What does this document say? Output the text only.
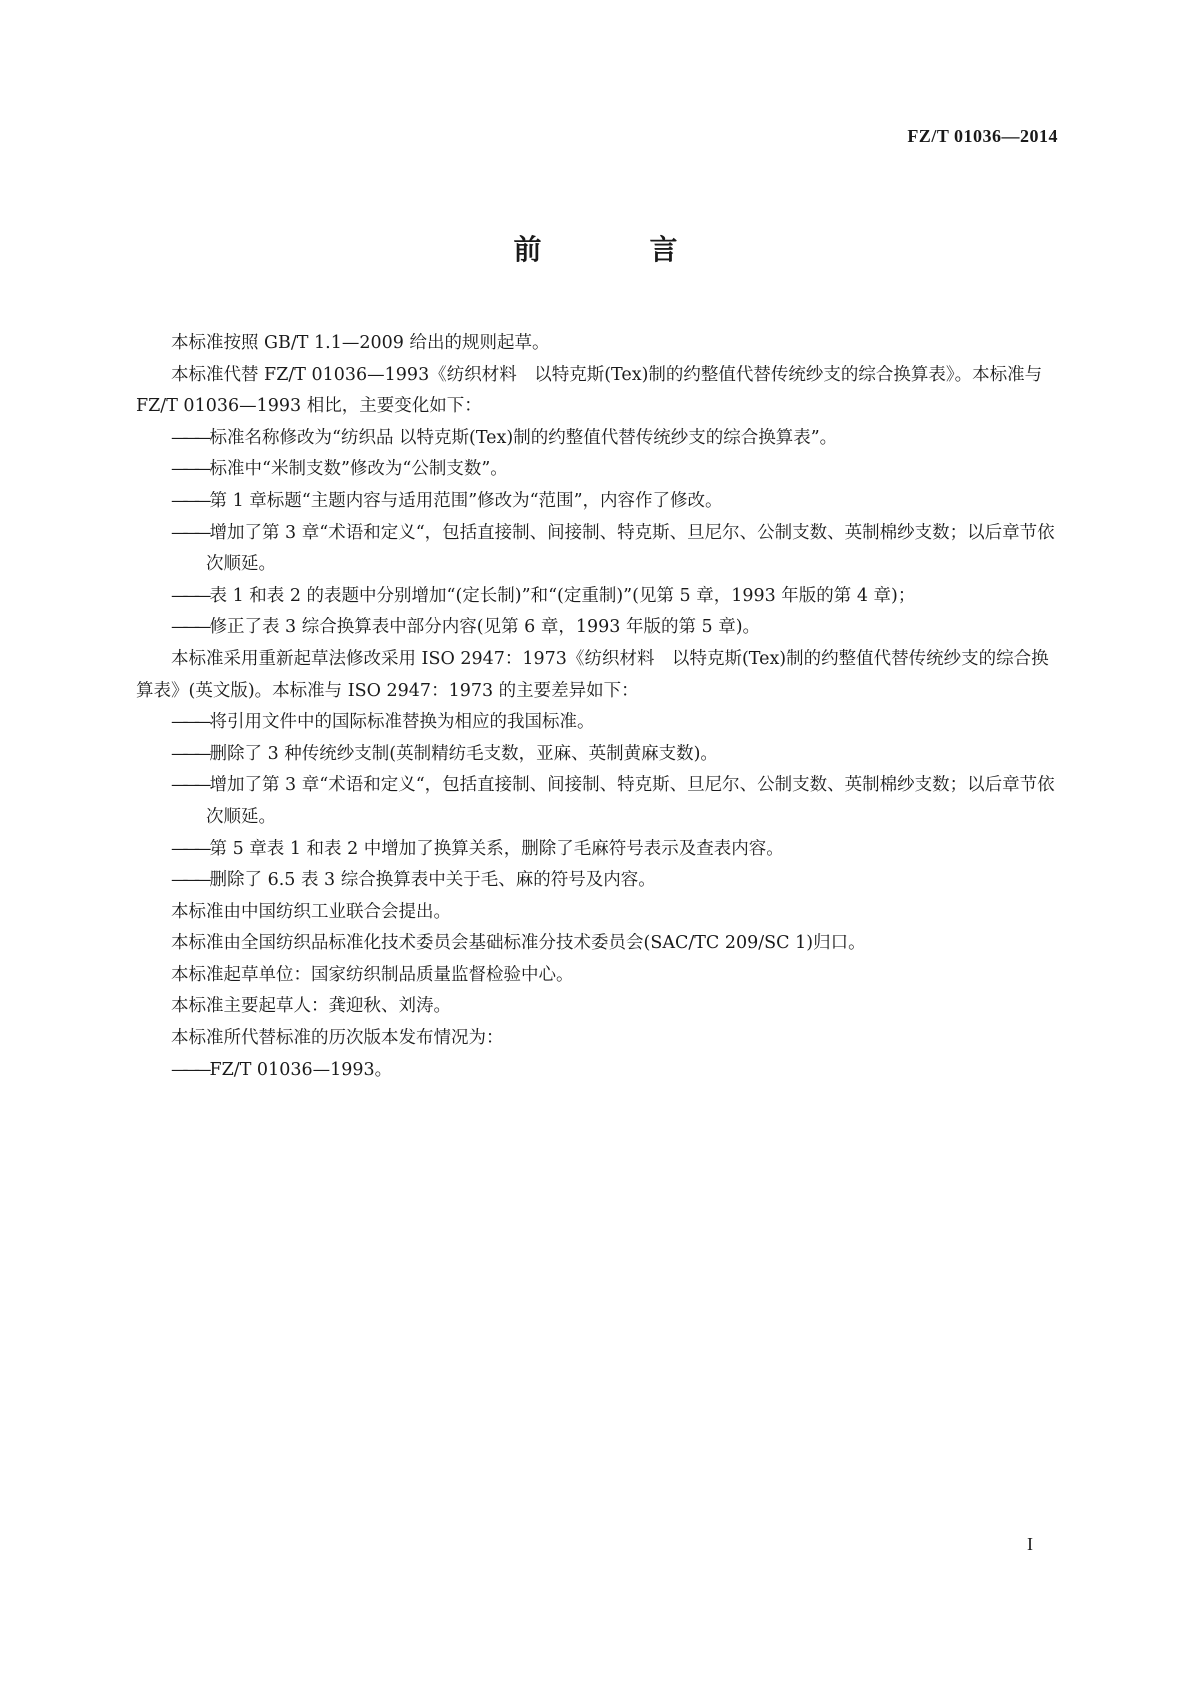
FZ/T 01036—2014
前　言

本标准按照 GB/T 1.1—2009 给出的规则起草。

本标准代替 FZ/T 01036—1993《纺织材料　以特克斯(Tex)制的约整值代替传统纱支的综合换算表》。本标准与 FZ/T 01036—1993 相比，主要变化如下：

——— 标准名称修改为“纺织品 以特克斯(Tex)制的约整值代替传统纱支的综合换算表”。

——— 标准中“米制支数”修改为“公制支数”。

——— 第 1 章标题“主题内容与适用范围”修改为“范围”，内容作了修改。

——— 增加了第 3 章“术语和定义“，包括直接制、间接制、特克斯、旦尼尔、公制支数、英制棉纱支数；以后章节依次顺延。

——— 表 1 和表 2 的表题中分别增加“(定长制)”和“(定重制)”(见第 5 章，1993 年版的第 4 章)；

——— 修正了表 3 综合换算表中部分内容(见第 6 章，1993 年版的第 5 章)。

本标准采用重新起草法修改采用 ISO 2947：1973《纺织材料　以特克斯(Tex)制的约整值代替传统纱支的综合换算表》(英文版)。本标准与 ISO 2947：1973 的主要差异如下：

——— 将引用文件中的国际标准替换为相应的我国标准。

——— 删除了 3 种传统纱支制(英制精纺毛支数，亚麻、英制黄麻支数)。

——— 增加了第 3 章“术语和定义“，包括直接制、间接制、特克斯、旦尼尔、公制支数、英制棉纱支数；以后章节依次顺延。

——— 第 5 章表 1 和表 2 中增加了换算关系，删除了毛麻符号表示及查表内容。

——— 删除了 6.5 表 3 综合换算表中关于毛、麻的符号及内容。

本标准由中国纺织工业联合会提出。

本标准由全国纺织品标准化技术委员会基础标准分技术委员会(SAC/TC 209/SC 1)归口。

本标准起草单位：国家纺织制品质量监督检验中心。

本标准主要起草人：龚迎秋、刘涛。

本标准所代替标准的历次版本发布情况为：

——— FZ/T 01036—1993。

I
